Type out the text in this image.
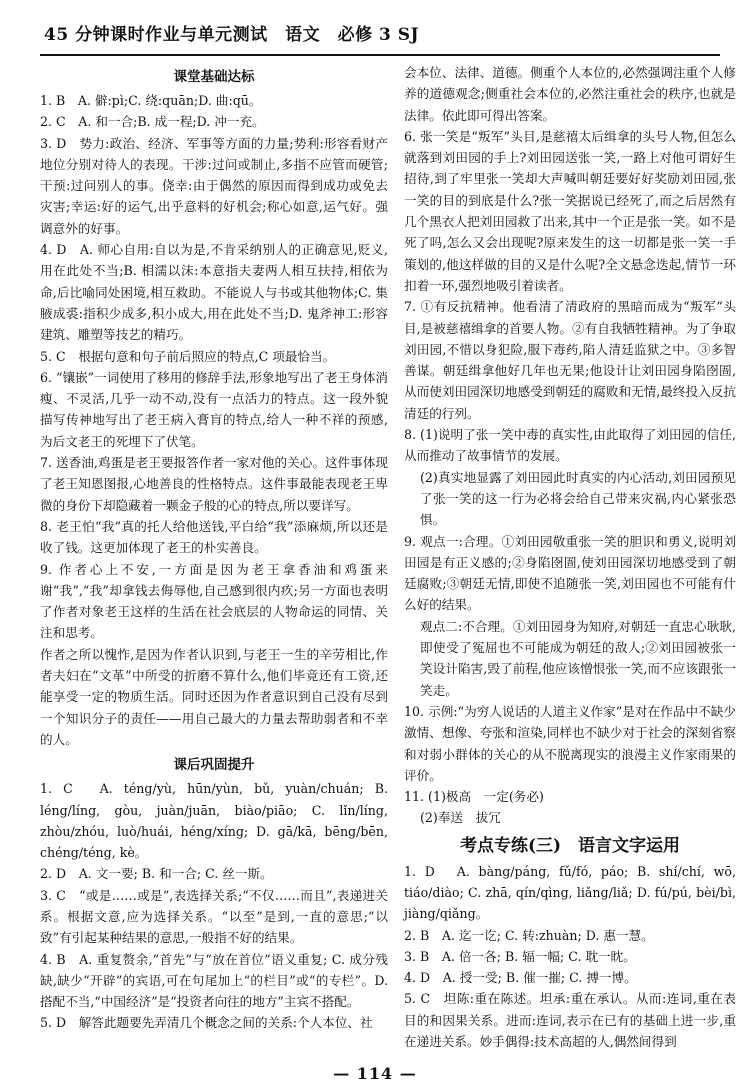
45 分钟课时作业与单元测试　语文　必修 3 SJ
课堂基础达标

1. B　A. 僻:pì;C. 绕:quān;D. 曲:qū。

2. C　A. 和一合;B. 成一程;D. 冲一充。

3. D　势力:政治、经济、军事等方面的力量;势利:形容看财产地位分别对待人的表现。干涉:过问或制止,多指不应管而硬管;干预:过问别人的事。侥幸:由于偶然的原因而得到成功或免去灾害;幸运:好的运气,出乎意料的好机会;称心如意,运气好。强调意外的好事。

4. D　A. 师心自用:自以为是,不肯采纳别人的正确意见,贬义,用在此处不当;B. 相濡以沫:本意指夫妻两人相互扶持,相依为命,后比喻同处困境,相互救助。不能说人与书或其他物体;C. 集腋成裘:指积少成多,积小成大,用在此处不当;D. 鬼斧神工:形容建筑、雕塑等技艺的精巧。

5. C　根据句意和句子前后照应的特点,C 项最恰当。

6. “镶嵌”一词使用了移用的修辞手法,形象地写出了老王身体消瘦、不灵活,几乎一动不动,没有一点活力的特点。这一段外貌描写传神地写出了老王病入膏肓的特点,给人一种不祥的预感,为后文老王的死埋下了伏笔。

7. 送香油,鸡蛋是老王要报答作者一家对他的关心。这件事体现了老王知恩图报,心地善良的性格特点。这件事最能表现老王卑微的身份下却隐藏着一颗金子般的心的特点,所以要详写。

8. 老王怕“我”真的托人给他送钱,平白给“我”添麻烦,所以还是收了钱。这更加体现了老王的朴实善良。

9. 作者心上不安,一方面是因为老王拿香油和鸡蛋来谢“我”,“我”却拿钱去侮辱他,自己感到很内疚;另一方面也表明了作者对象老王这样的生活在社会底层的人物命运的同情、关注和思考。

作者之所以愧怍,是因为作者认识到,与老王一生的辛劳相比,作者夫妇在“文革”中所受的折磨不算什么,他们毕竟还有工资,还能享受一定的物质生活。同时还因为作者意识到自己没有尽到一个知识分子的责任——用自己最大的力量去帮助弱者和不幸的人。

课后巩固提升

1. C　A. téng/yù, hūn/yùn, bǔ, yuàn/chuán; B. léng/líng, gòu, juàn/juān, biào/piāo; C. lǐn/líng, zhòu/zhóu, luò/huái, héng/xíng; D. gā/kā, bēng/bēn, chéng/téng, kè。

2. D　A. 文一要; B. 和一合; C. 丝一斯。

3. C　“或是……或是”,表选择关系;“不仅……而且”,表递进关系。根据文意,应为选择关系。“以至”是到,一直的意思;“以致”有引起某种结果的意思,一般指不好的结果。

4. B　A. 重复赘余,“首先”与“放在首位”语义重复; C. 成分残缺,缺少“开辟”的宾语,可在句尾加上“的栏目”或“的专栏”。D. 搭配不当,“中国经济”是“投资者向往的地方”主宾不搭配。

5. D　解答此题要先弄清几个概念之间的关系:个人本位、社

会本位、法律、道德。侧重个人本位的,必然强调注重个人修养的道德观念;侧重社会本位的,必然注重社会的秩序,也就是法律。依此即可得出答案。

6. 张一笑是“叛军”头目,是慈禧太后缉拿的头号人物,但怎么就落到刘田园的手上?刘田园送张一笑,一路上对他可谓好生招待,到了牢里张一笑却大声喊叫朝廷要好好奖励刘田园,张一笑的目的到底是什么?张一笑据说已经死了,而之后居然有几个黑衣人把刘田园救了出来,其中一个正是张一笑。如不是死了吗,怎么又会出现呢?原来发生的这一切都是张一笑一手策划的,他这样做的目的又是什么呢?全文悬念迭起,情节一环扣着一环,强烈地吸引着读者。

7. ①有反抗精神。他看清了清政府的黑暗而成为“叛军”头目,是被慈禧缉拿的首要人物。②有自我牺牲精神。为了争取刘田园,不惜以身犯险,服下毒药,陷人清廷监狱之中。③多智善谋。朝廷缉拿他好几年也无果;他设计让刘田园身陷囹圄,从而使刘田园深切地感受到朝廷的腐败和无情,最终投入反抗清廷的行列。

8. (1)说明了张一笑中毒的真实性,由此取得了刘田园的信任,从而推动了故事情节的发展。

(2)真实地显露了刘田园此时真实的内心活动,刘田园预见了张一笑的这一行为必将会给自己带来灾祸,内心紧张恐惧。

9. 观点一:合理。①刘田园敬重张一笑的胆识和勇义,说明刘田园是有正义感的;②身陷囹圄,使刘田园深切地感受到了朝廷腐败;③朝廷无情,即使不追随张一笑,刘田园也不可能有什么好的结果。

观点二:不合理。①刘田园身为知府,对朝廷一直忠心耿耿,即使受了冤屈也不可能成为朝廷的敌人;②刘田园被张一笑设计陷害,毁了前程,他应该憎恨张一笑,而不应该跟张一笑走。

10. 示例:“为穷人说话的人道主义作家”是对在作品中不缺少激情、想像、夸张和渲染,同样也不缺少对于社会的深刻省察和对弱小群体的关心的从不脱离现实的浪漫主义作家雨果的评价。

11. (1)极高　一定(务必)

(2)奉送　拔冗

考点专练(三)　语言文字运用

1. D　A. bàng/páng, fǔ/fó, páo; B. shí/chí, wō, tiáo/diào; C. zhā, qín/qìng, liǎng/liǎ; D. fú/pú, bèi/bì, jiàng/qiǎng。

2. B　A. 迄一讫; C. 转:zhuàn; D. 惠一慧。

3. B　A. 倍一各; B. 辐一幅; C. 耽一眈。

4. D　A. 授一受; B. 催一摧; C. 搏一博。

5. C　坦陈:重在陈述。坦承:重在承认。从而:连词,重在表目的和因果关系。进而:连词,表示在已有的基础上进一步,重在递进关系。妙手偶得:技术高超的人,偶然间得到

— 114 —
